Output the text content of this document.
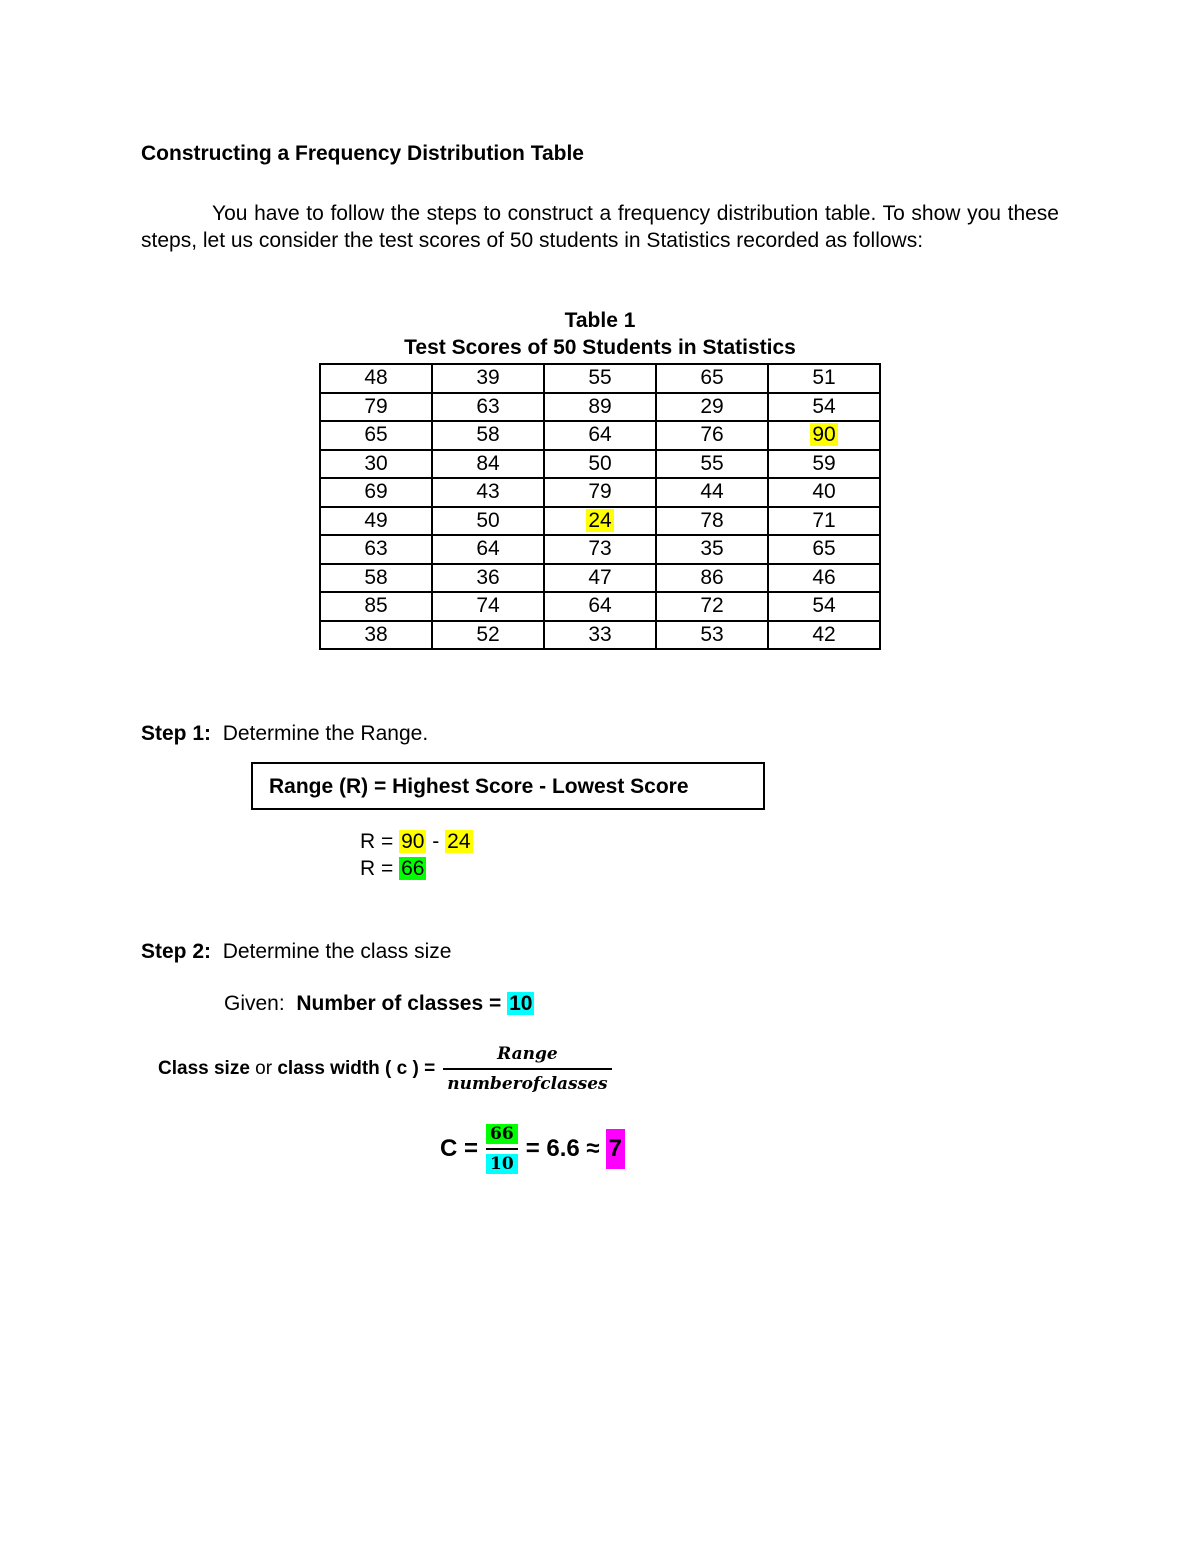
Constructing a Frequency Distribution Table

You have to follow the steps to construct a frequency distribution table. To show you these steps, let us consider the test scores of 50 students in Statistics recorded as follows:

Table 1
Test Scores of 50 Students in Statistics
48	39	55	65	51
79	63	89	29	54
65	58	64	76	90
30	84	50	55	59
69	43	79	44	40
49	50	24	78	71
63	64	73	35	65
58	36	47	86	46
85	74	64	72	54
38	52	33	53	42
Step 1: Determine the Range.
Range (R) = Highest Score - Lowest Score
R = 90 - 24
R = 66
Step 2: Determine the class size
Given: Number of classes = 10
Class size or class width ( c ) = $\frac{\text{Range}}{\text{numberofclasses}}$
$C = \frac{66}{10} = 6.6 \approx 7$
